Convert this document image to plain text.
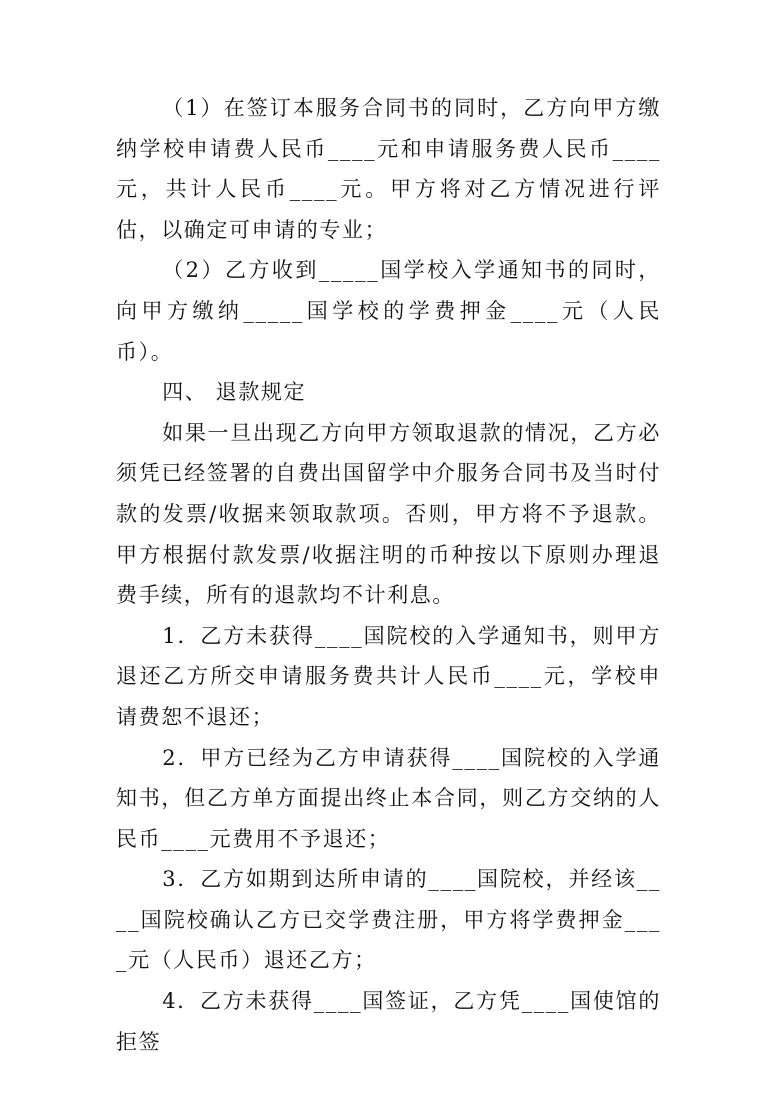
（1）在签订本服务合同书的同时，乙方向甲方缴纳学校申请费人民币____元和申请服务费人民币____元，共计人民币____元。甲方将对乙方情况进行评估，以确定可申请的专业；

（2）乙方收到_____国学校入学通知书的同时，向甲方缴纳_____国学校的学费押金____元（人民币）。

四、 退款规定

如果一旦出现乙方向甲方领取退款的情况，乙方必须凭已经签署的自费出国留学中介服务合同书及当时付款的发票/收据来领取款项。否则，甲方将不予退款。甲方根据付款发票/收据注明的币种按以下原则办理退费手续，所有的退款均不计利息。

1．乙方未获得____国院校的入学通知书，则甲方退还乙方所交申请服务费共计人民币____元，学校申请费恕不退还；

2．甲方已经为乙方申请获得____国院校的入学通知书，但乙方单方面提出终止本合同，则乙方交纳的人民币____元费用不予退还；

3．乙方如期到达所申请的____国院校，并经该____国院校确认乙方已交学费注册，甲方将学费押金____元（人民币）退还乙方；

4．乙方未获得____国签证，乙方凭____国使馆的拒签
